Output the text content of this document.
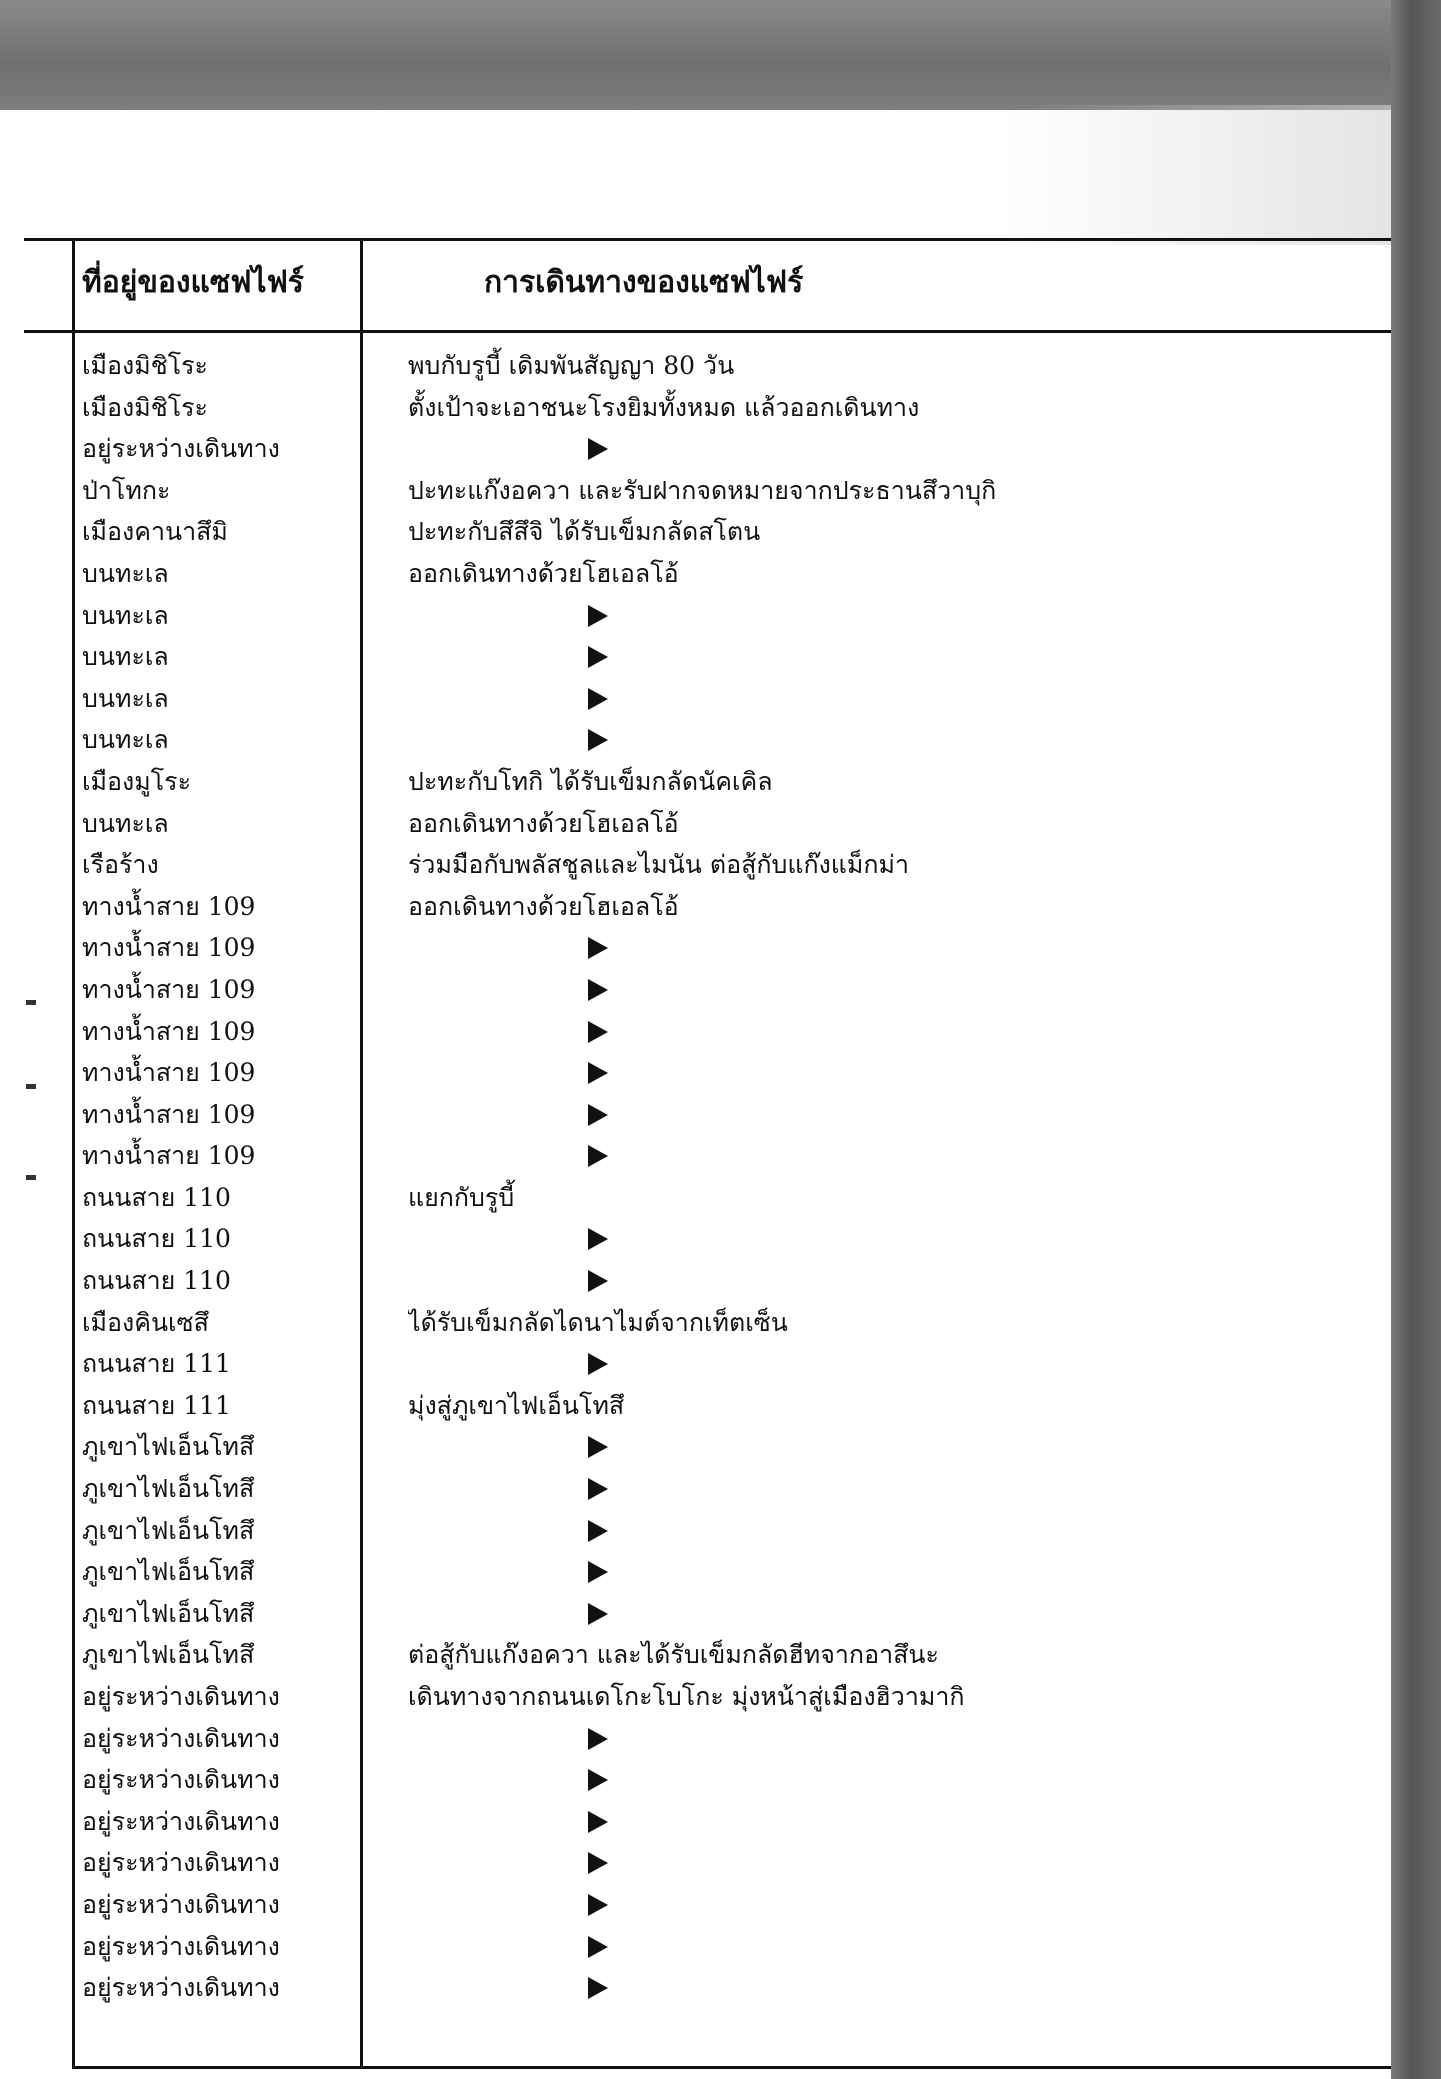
ที่อยู่ของแซฟไฟร์	การเดินทางของแซฟไฟร์
เมืองมิชิโระ
เมืองมิชิโระ
อยู่ระหว่างเดินทาง
ป่าโทกะ
เมืองคานาสึมิ
บนทะเล
บนทะเล
บนทะเล
บนทะเล
บนทะเล
เมืองมูโระ
บนทะเล
เรือร้าง
ทางน้ำสาย 109
ทางน้ำสาย 109
ทางน้ำสาย 109
ทางน้ำสาย 109
ทางน้ำสาย 109
ทางน้ำสาย 109
ทางน้ำสาย 109
ถนนสาย 110
ถนนสาย 110
ถนนสาย 110
เมืองคินเซสึ
ถนนสาย 111
ถนนสาย 111
ภูเขาไฟเอ็นโทสึ
ภูเขาไฟเอ็นโทสึ
ภูเขาไฟเอ็นโทสึ
ภูเขาไฟเอ็นโทสึ
ภูเขาไฟเอ็นโทสึ
ภูเขาไฟเอ็นโทสึ
อยู่ระหว่างเดินทาง
อยู่ระหว่างเดินทาง
อยู่ระหว่างเดินทาง
อยู่ระหว่างเดินทาง
อยู่ระหว่างเดินทาง
อยู่ระหว่างเดินทาง
อยู่ระหว่างเดินทาง
อยู่ระหว่างเดินทาง
พบกับรูบี้ เดิมพันสัญญา 80 วัน
ตั้งเป้าจะเอาชนะโรงยิมทั้งหมด แล้วออกเดินทาง
ปะทะแก๊งอควา และรับฝากจดหมายจากประธานสึวาบุกิ
ปะทะกับสึสึจิ ได้รับเข็มกลัดสโตน
ออกเดินทางด้วยโฮเอลโอ้
ปะทะกับโทกิ ได้รับเข็มกลัดนัคเคิล
ออกเดินทางด้วยโฮเอลโอ้
ร่วมมือกับพลัสชูลและไมนัน ต่อสู้กับแก๊งแม็กม่า
ออกเดินทางด้วยโฮเอลโอ้
แยกกับรูบี้
ได้รับเข็มกลัดไดนาไมต์จากเท็ตเซ็น
มุ่งสู่ภูเขาไฟเอ็นโทสึ
ต่อสู้กับแก๊งอควา และได้รับเข็มกลัดฮีทจากอาสึนะ
เดินทางจากถนนเดโกะโบโกะ มุ่งหน้าสู่เมืองฮิวามากิ
